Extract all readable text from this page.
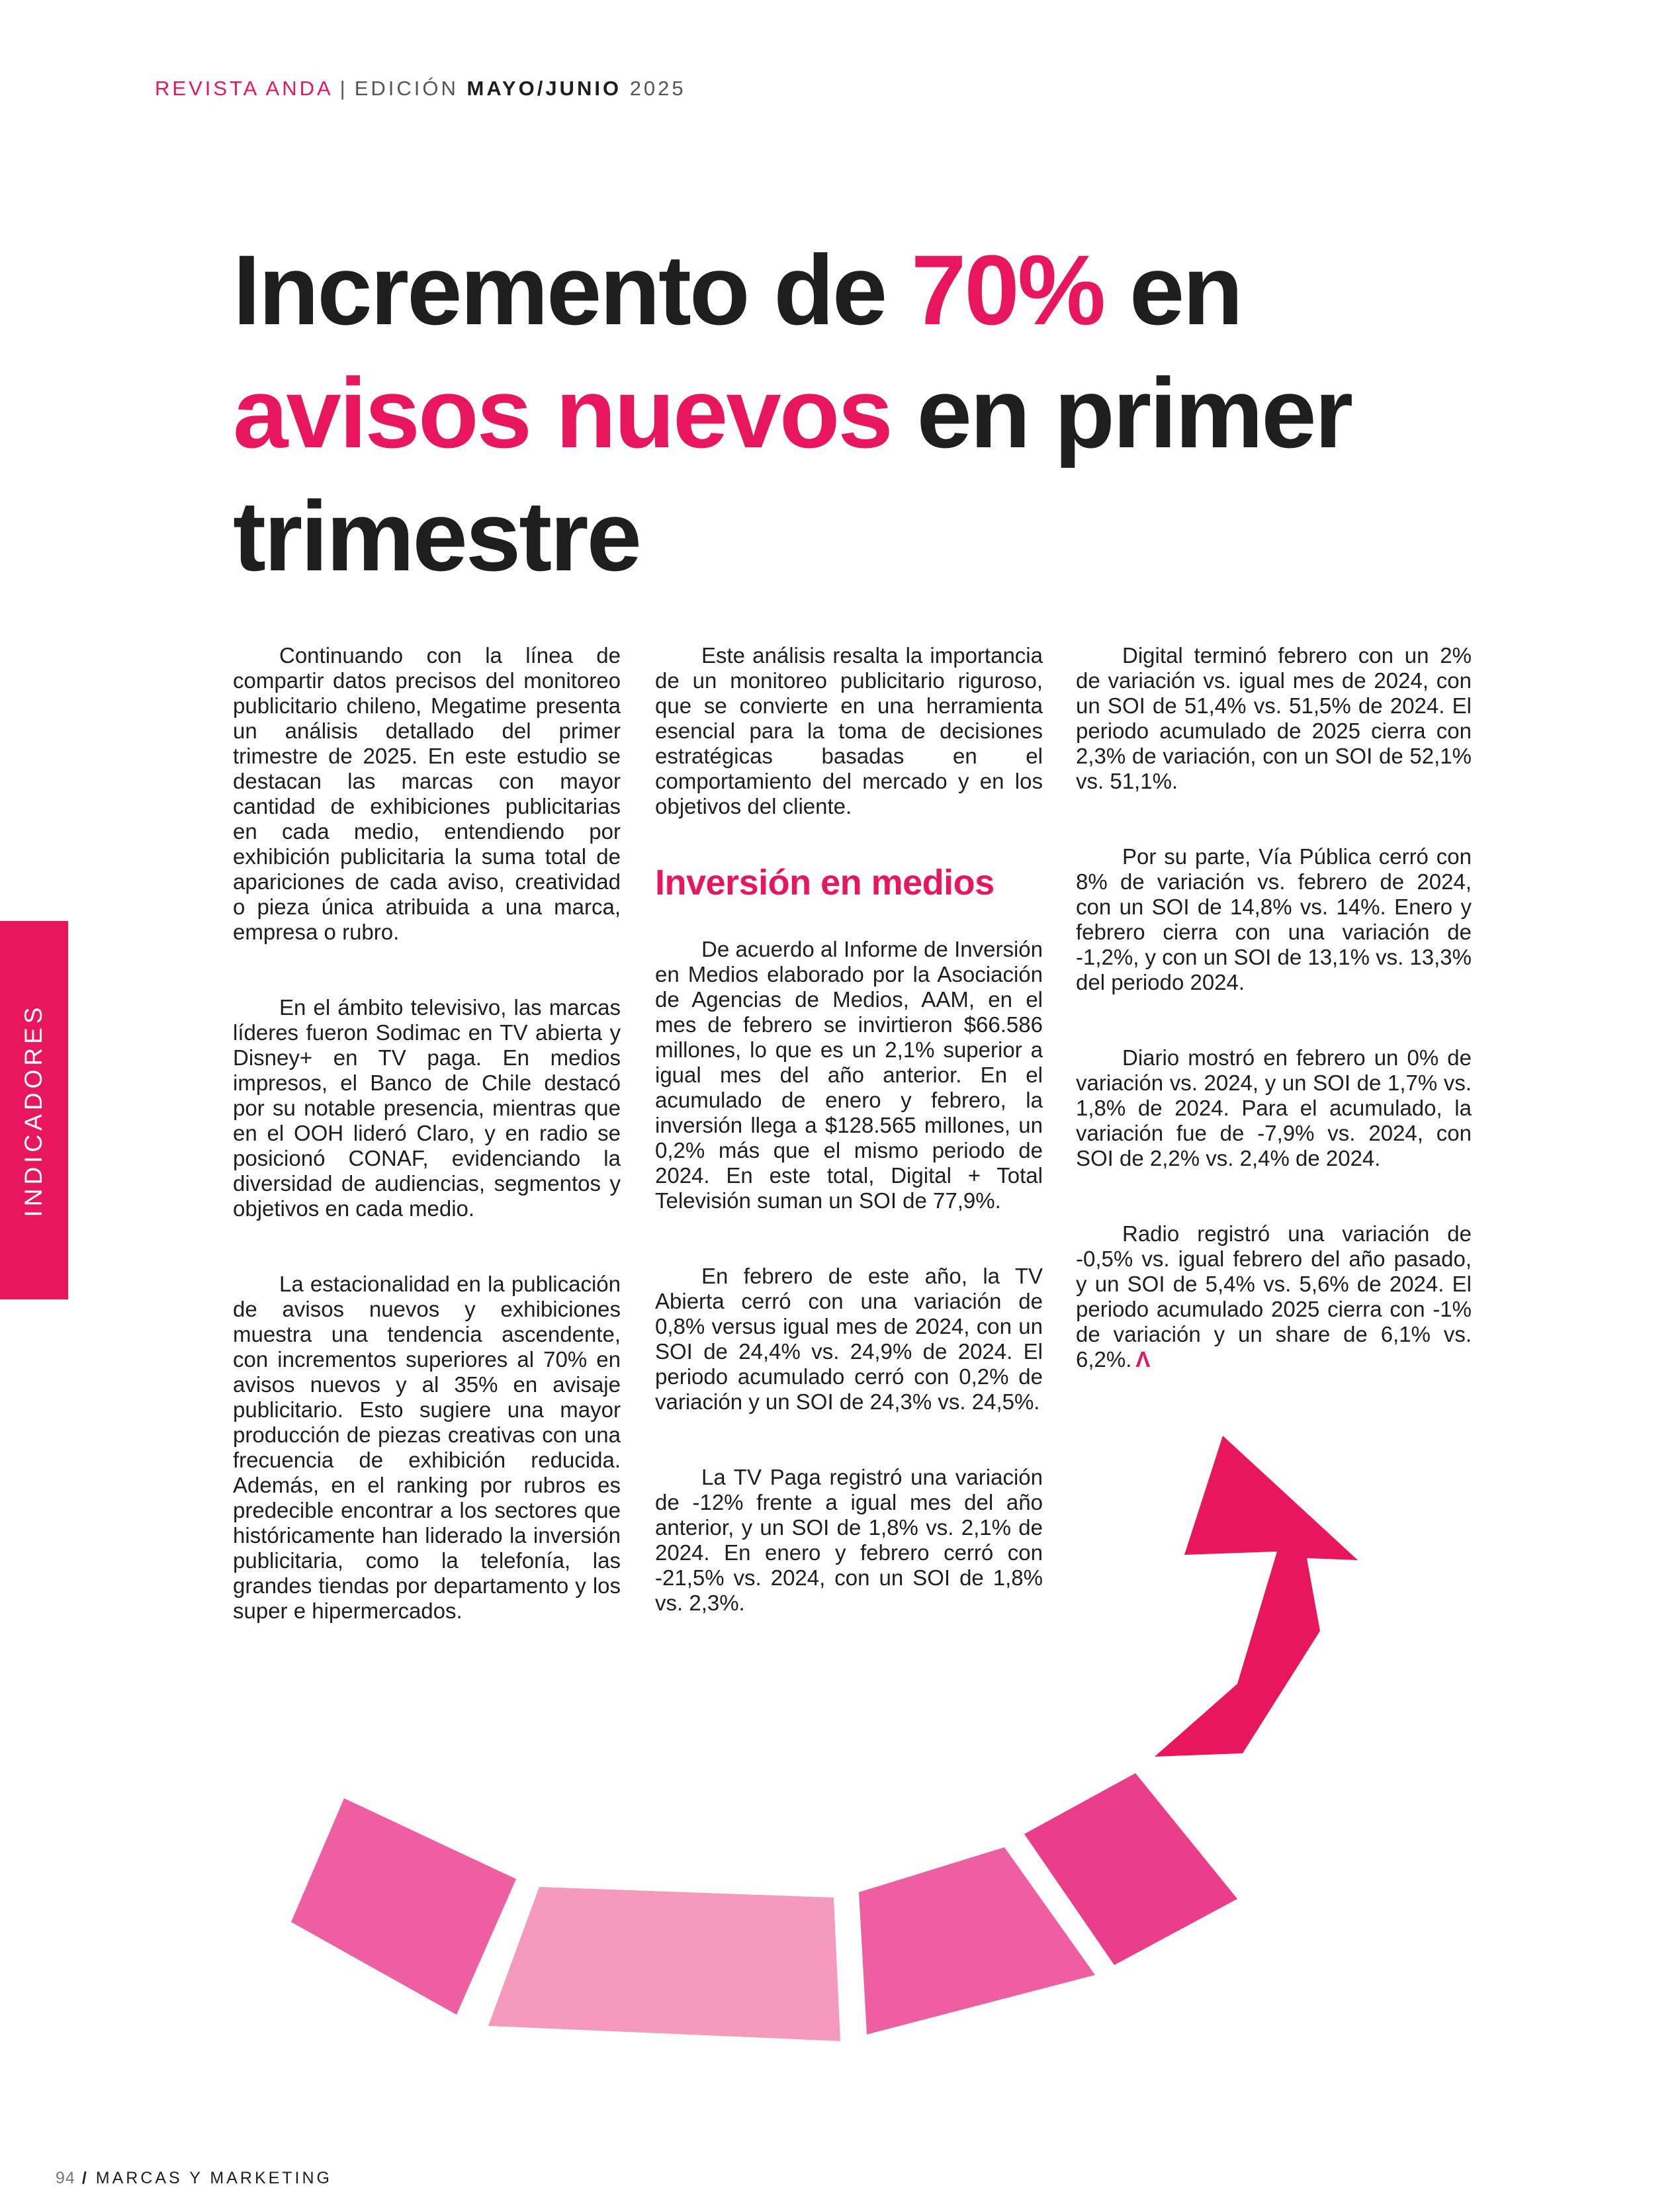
REVISTA ANDA | EDICIÓN MAYO/JUNIO 2025
Incremento de 70% en avisos nuevos en primer trimestre
INDICADORES

Continuando con la línea de compartir datos precisos del monitoreo publicitario chileno, Megatime presenta un análisis detallado del primer trimestre de 2025. En este estudio se destacan las marcas con mayor cantidad de exhibiciones publicitarias en cada medio, entendiendo por exhibición publicitaria la suma total de apariciones de cada aviso, creatividad o pieza única atribuida a una marca, empresa o rubro.

En el ámbito televisivo, las marcas líderes fueron Sodimac en TV abierta y Disney+ en TV paga. En medios impresos, el Banco de Chile destacó por su notable presencia, mientras que en el OOH lideró Claro, y en radio se posicionó CONAF, evidenciando la diversidad de audiencias, segmentos y objetivos en cada medio.

La estacionalidad en la publicación de avisos nuevos y exhibiciones muestra una tendencia ascendente, con incrementos superiores al 70% en avisos nuevos y al 35% en avisaje publicitario. Esto sugiere una mayor producción de piezas creativas con una frecuencia de exhibición reducida. Además, en el ranking por rubros es predecible encontrar a los sectores que históricamente han liderado la inversión publicitaria, como la telefonía, las grandes tiendas por departamento y los super e hipermercados.

Este análisis resalta la importancia de un monitoreo publicitario riguroso, que se convierte en una herramienta esencial para la toma de decisiones estratégicas basadas en el comportamiento del mercado y en los objetivos del cliente.

Inversión en medios

De acuerdo al Informe de Inversión en Medios elaborado por la Asociación de Agencias de Medios, AAM, en el mes de febrero se invirtieron $66.586 millones, lo que es un 2,1% superior a igual mes del año anterior. En el acumulado de enero y febrero, la inversión llega a $128.565 millones, un 0,2% más que el mismo periodo de 2024. En este total, Digital + Total Televisión suman un SOI de 77,9%.

En febrero de este año, la TV Abierta cerró con una variación de 0,8% versus igual mes de 2024, con un SOI de 24,4% vs. 24,9% de 2024. El periodo acumulado cerró con 0,2% de variación y un SOI de 24,3% vs. 24,5%.

La TV Paga registró una variación de -12% frente a igual mes del año anterior, y un SOI de 1,8% vs. 2,1% de 2024. En enero y febrero cerró con -21,5% vs. 2024, con un SOI de 1,8% vs. 2,3%.

Digital terminó febrero con un 2% de variación vs. igual mes de 2024, con un SOI de 51,4% vs. 51,5% de 2024. El periodo acumulado de 2025 cierra con 2,3% de variación, con un SOI de 52,1% vs. 51,1%.

Por su parte, Vía Pública cerró con 8% de variación vs. febrero de 2024, con un SOI de 14,8% vs. 14%. Enero y febrero cierra con una variación de -1,2%, y con un SOI de 13,1% vs. 13,3% del periodo 2024.

Diario mostró en febrero un 0% de variación vs. 2024, y un SOI de 1,7% vs. 1,8% de 2024. Para el acumulado, la variación fue de -7,9% vs. 2024, con SOI de 2,2% vs. 2,4% de 2024.

Radio registró una variación de -0,5% vs. igual febrero del año pasado, y un SOI de 5,4% vs. 5,6% de 2024. El periodo acumulado 2025 cierra con -1% de variación y un share de 6,1% vs. 6,2%. Λ

94 / MARCAS Y MARKETING
